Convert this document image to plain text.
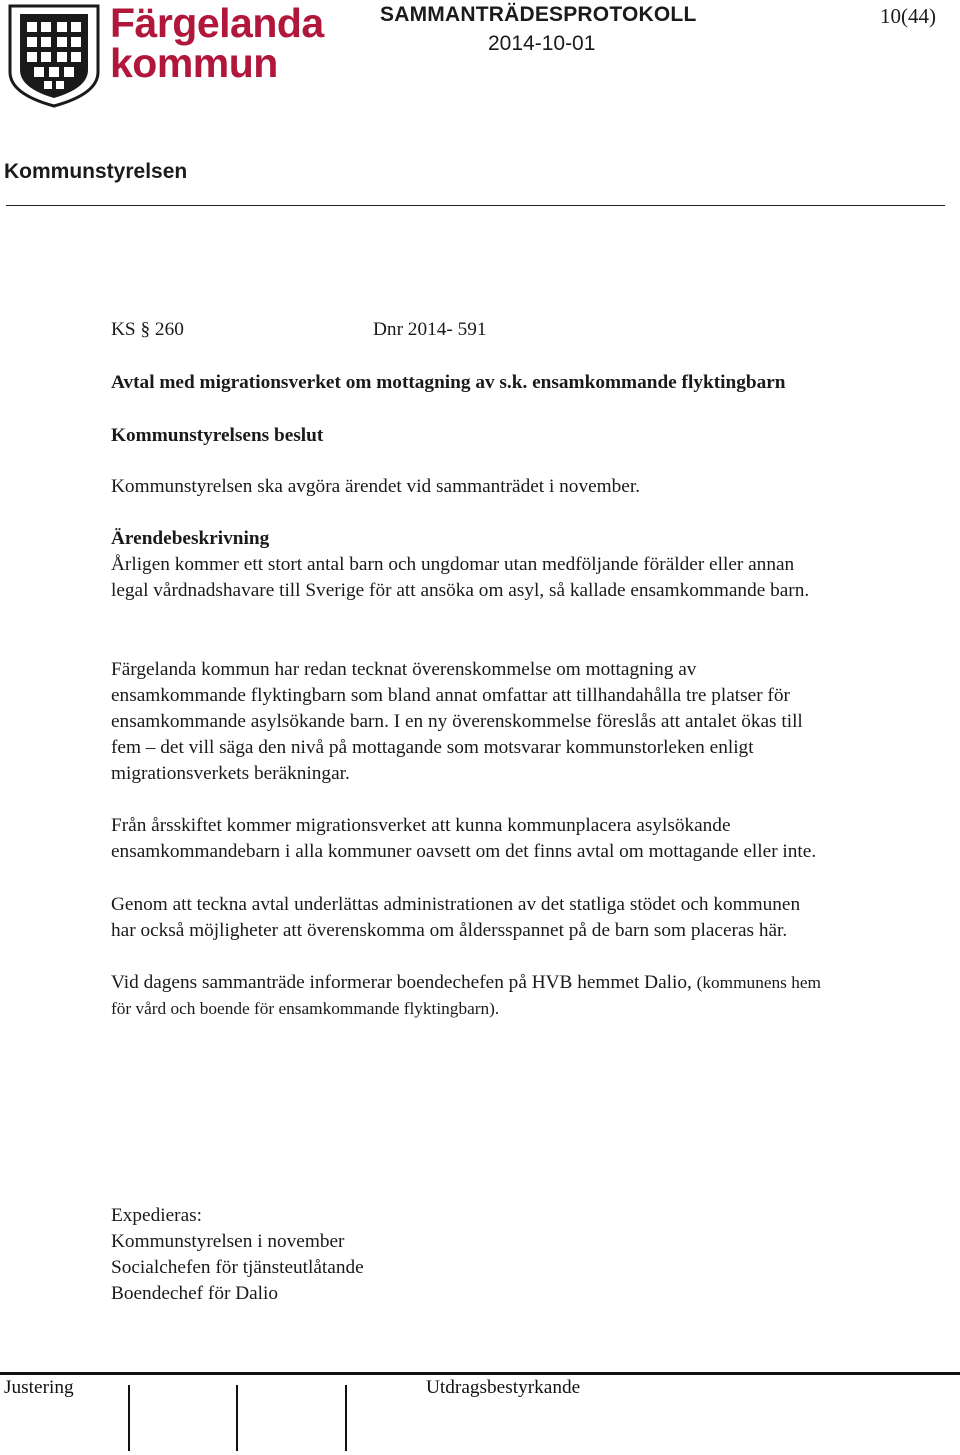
Färgelanda
kommun
SAMMANTRÄDESPROTOKOLL
2014-10-01
10(44)
Kommunstyrelsen
KS § 260	Dnr 2014- 591
Avtal med migrationsverket om mottagning av s.k. ensamkommande flyktingbarn
Kommunstyrelsens beslut
Kommunstyrelsen ska avgöra ärendet vid sammanträdet i november.
Ärendebeskrivning
Årligen kommer ett stort antal barn och ungdomar utan medföljande förälder eller annan
legal vårdnadshavare till Sverige för att ansöka om asyl, så kallade ensamkommande barn.
Färgelanda kommun har redan tecknat överenskommelse om mottagning av
ensamkommande flyktingbarn som bland annat omfattar att tillhandahålla tre platser för
ensamkommande asylsökande barn. I en ny överenskommelse föreslås att antalet ökas till
fem – det vill säga den nivå på mottagande som motsvarar kommunstorleken enligt
migrationsverkets beräkningar.
Från årsskiftet kommer migrationsverket att kunna kommunplacera asylsökande
ensamkommandebarn i alla kommuner oavsett om det finns avtal om mottagande eller inte.
Genom att teckna avtal underlättas administrationen av det statliga stödet och kommunen
har också möjligheter att överenskomma om åldersspannet på de barn som placeras här.
Vid dagens sammanträde informerar boendechefen på HVB hemmet Dalio, (kommunens hem
för vård och boende för ensamkommande flyktingbarn).
Expedieras:
Kommunstyrelsen i november
Socialchefen för tjänsteutlåtande
Boendechef för Dalio
Justering	Utdragsbestyrkande
